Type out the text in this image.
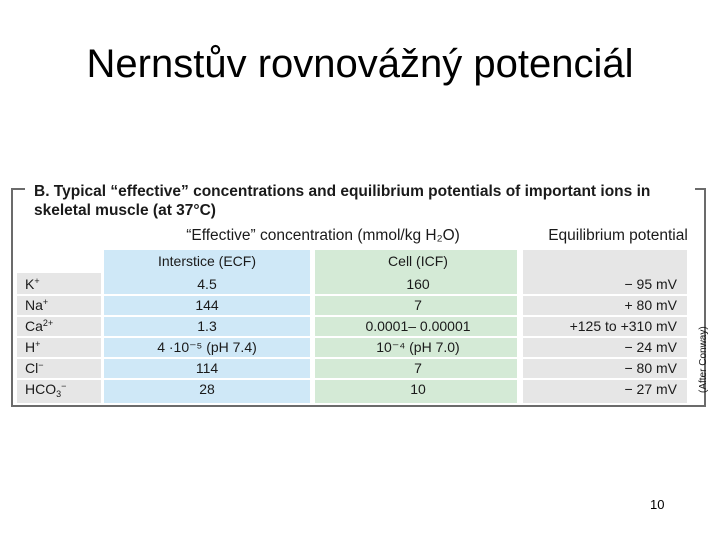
Nernstův rovnovážný potenciál
B. Typical “effective” concentrations and equilibrium potentials of important ions in skeletal muscle (at 37°C)
“Effective” concentration (mmol/kg H₂O)	Equilibrium potential
Interstice (ECF)	Cell (ICF)
K+	4.5	160	− 95 mV
Na+	144	7	+ 80 mV
$Ca^{2+}$	1.3	0.0001– 0.00001	+125 to +310 mV
H+	4 ·10⁻⁵ (pH 7.4)	10⁻⁴ (pH 7.0)	− 24 mV
Cl−	114	7	− 80 mV
$HCO_3^-$	28	10	− 27 mV (After Conway)
10
